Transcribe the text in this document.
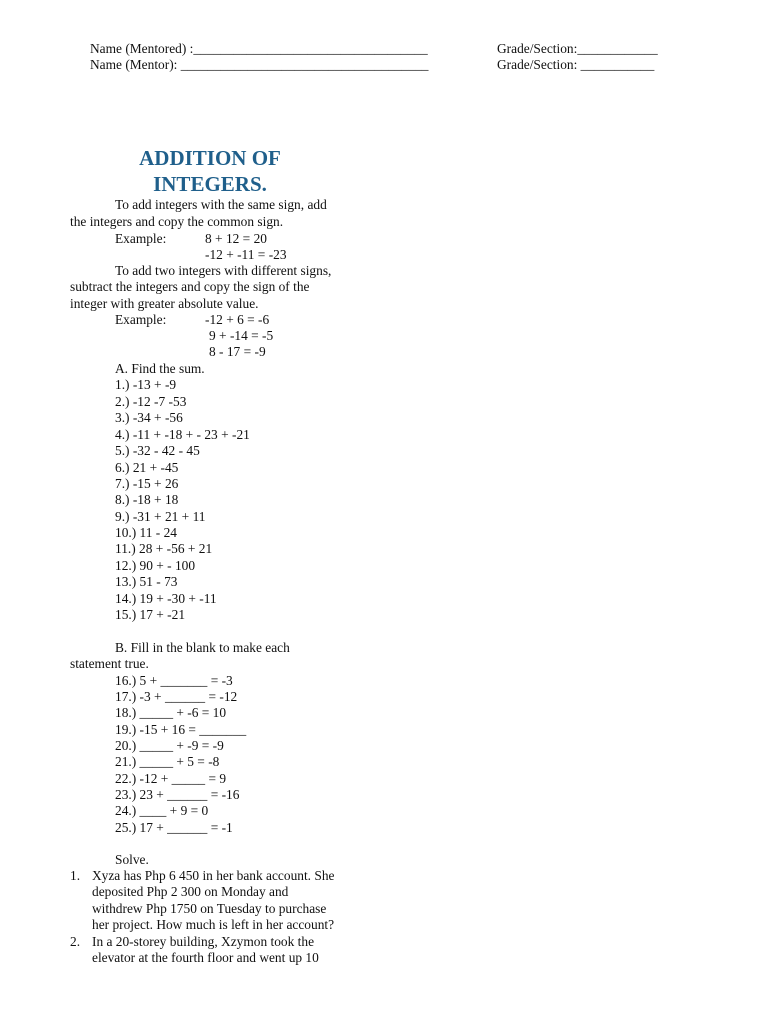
Name (Mentored) :___________________________________
Name (Mentor): _____________________________________
Grade/Section:____________
Grade/Section: ___________
ADDITION OF
INTEGERS.
To add integers with the same sign, add
the integers and copy the common sign.
Example:	8 + 12 = 20
-12 + -11 = -23
To add two integers with different signs,
subtract the integers and copy the sign of the
integer with greater absolute value.
Example:	-12 + 6 = -6
9 + -14 = -5
8 - 17 = -9
A. Find the sum.
1.) -13 + -9
2.) -12 -7 -53
3.) -34 + -56
4.) -11 + -18 + - 23 + -21
5.) -32 - 42 - 45
6.) 21 + -45
7.) -15 + 26
8.) -18 + 18
9.) -31 + 21 + 11
10.) 11 - 24
11.) 28 + -56 + 21
12.) 90 + - 100
13.) 51 - 73
14.) 19 + -30 + -11
15.) 17 + -21
B. Fill in the blank to make each
statement true.
16.) 5 + _______ = -3
17.) -3 + ______ = -12
18.) _____ + -6 = 10
19.) -15 + 16 = _______
20.) _____ + -9 = -9
21.) _____ + 5 = -8
22.) -12 + _____ = 9
23.) 23 + ______ = -16
24.) ____ + 9 = 0
25.) 17 + ______ = -1
Solve.
1. Xyza has Php 6 450 in her bank account. She
deposited Php 2 300 on Monday and
withdrew Php 1750 on Tuesday to purchase
her project. How much is left in her account?
2. In a 20-storey building, Xzymon took the
elevator at the fourth floor and went up 10
